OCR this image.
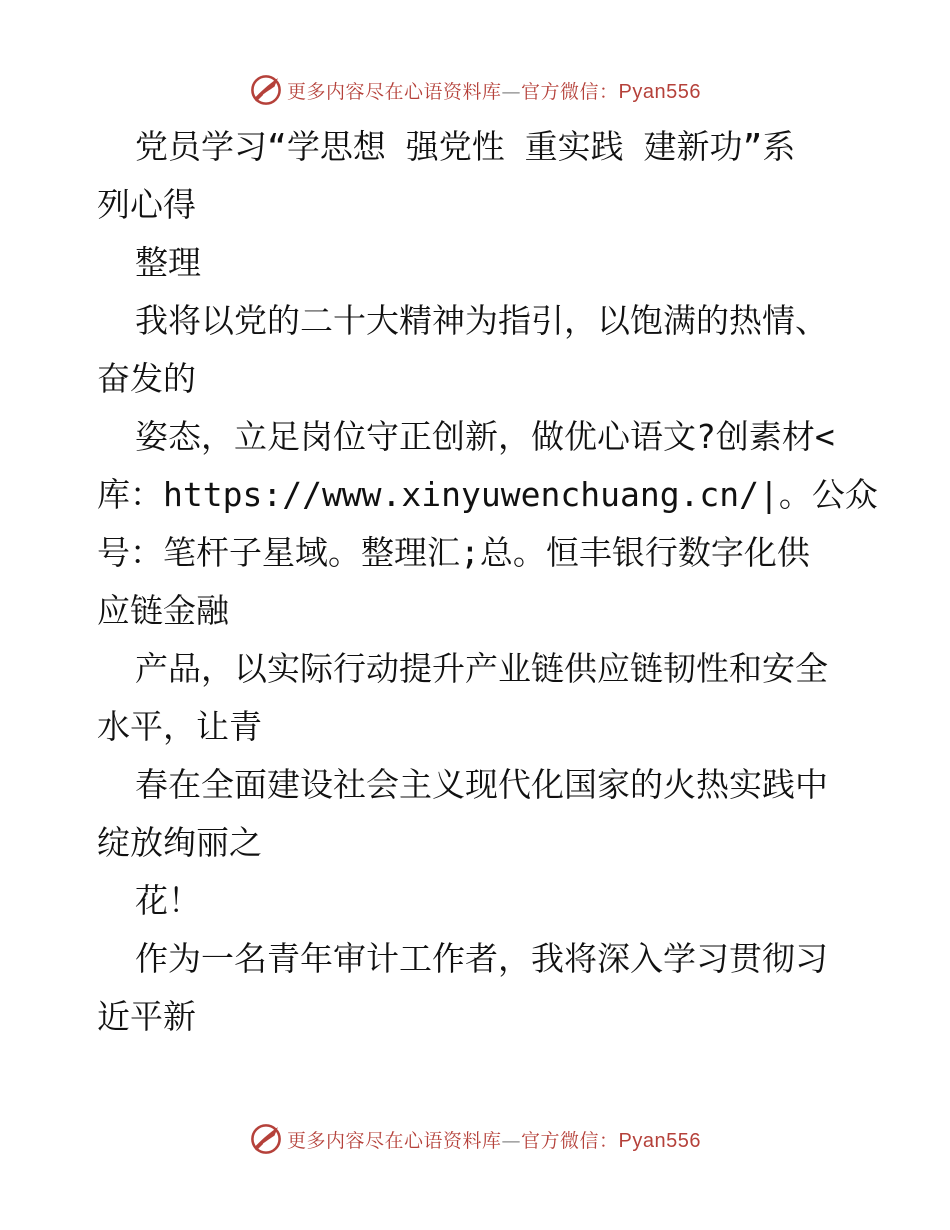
更多内容尽在心语资料库—官方微信：Pyan556
党员学习“学思想 强党性 重实践 建新功”系
列心得
整理
我将以党的二十大精神为指引，以饱满的热情、
奋发的
姿态，立足岗位守正创新，做优心语文?创素材<
库：https://www.xinyuwenchuang.cn/|。公众
号：笔杆子星域。整理汇;总。恒丰银行数字化供
应链金融
产品，以实际行动提升产业链供应链韧性和安全
水平，让青
春在全面建设社会主义现代化国家的火热实践中
绽放绚丽之
花！
作为一名青年审计工作者，我将深入学习贯彻习
近平新
更多内容尽在心语资料库—官方微信：Pyan556
